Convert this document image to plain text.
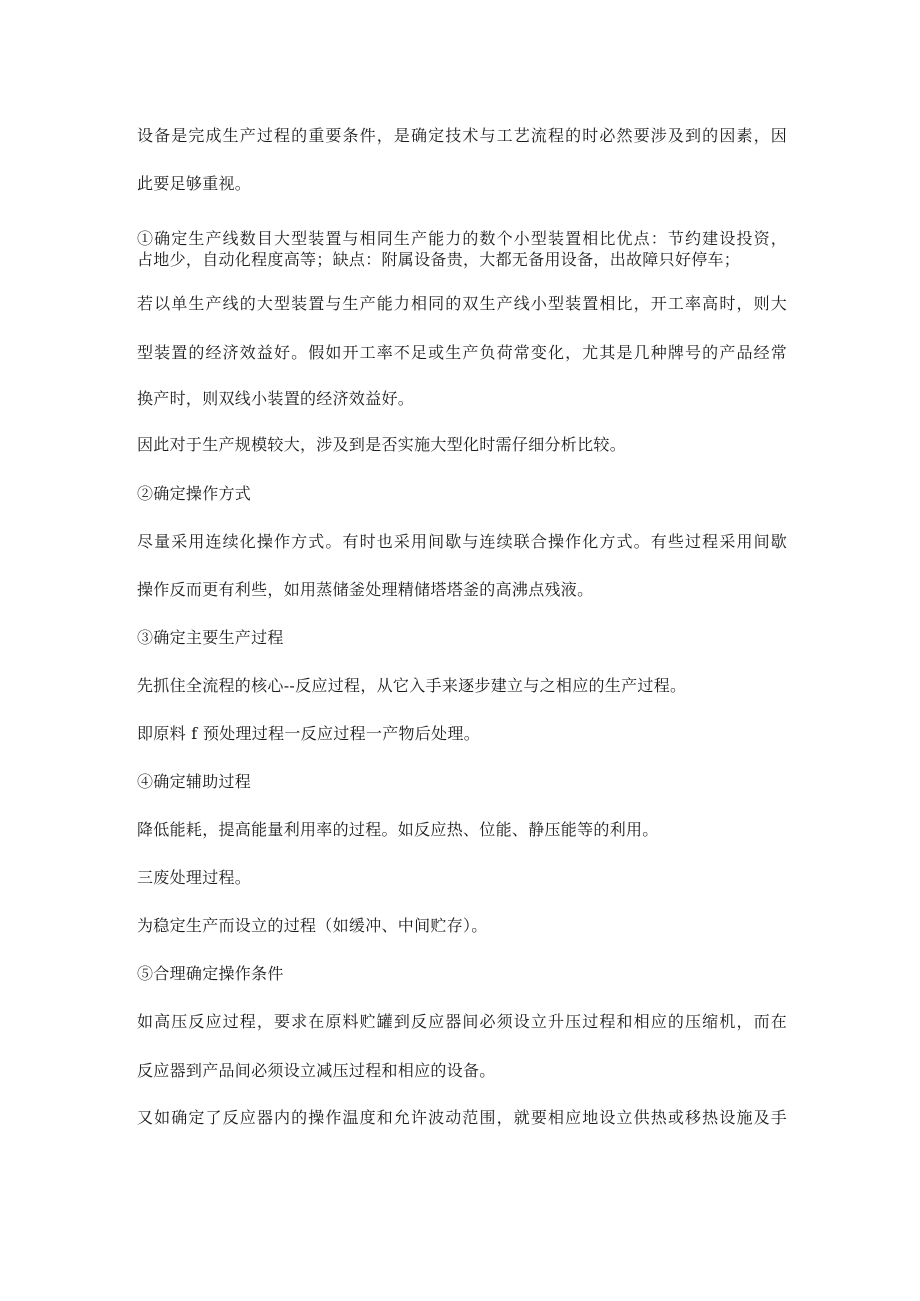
设备是完成生产过程的重要条件，是确定技术与工艺流程的时必然要涉及到的因素，因
此要足够重视。
①确定生产线数目大型装置与相同生产能力的数个小型装置相比优点：节约建设投资，
占地少，自动化程度高等；缺点：附属设备贵，大都无备用设备，出故障只好停车；
若以单生产线的大型装置与生产能力相同的双生产线小型装置相比，开工率高时，则大
型装置的经济效益好。假如开工率不足或生产负荷常变化，尤其是几种牌号的产品经常
换产时，则双线小装置的经济效益好。
因此对于生产规模较大，涉及到是否实施大型化时需仔细分析比较。
②确定操作方式
尽量采用连续化操作方式。有时也采用间歇与连续联合操作化方式。有些过程采用间歇
操作反而更有利些，如用蒸储釜处理精储塔塔釜的高沸点残液。
③确定主要生产过程
先抓住全流程的核心--反应过程，从它入手来逐步建立与之相应的生产过程。
即原料 f 预处理过程一反应过程一产物后处理。
④确定辅助过程
降低能耗，提高能量利用率的过程。如反应热、位能、静压能等的利用。
三废处理过程。
为稳定生产而设立的过程（如缓冲、中间贮存）。
⑤合理确定操作条件
如高压反应过程，要求在原料贮罐到反应器间必须设立升压过程和相应的压缩机，而在
反应器到产品间必须设立减压过程和相应的设备。
又如确定了反应器内的操作温度和允许波动范围，就要相应地设立供热或移热设施及手
